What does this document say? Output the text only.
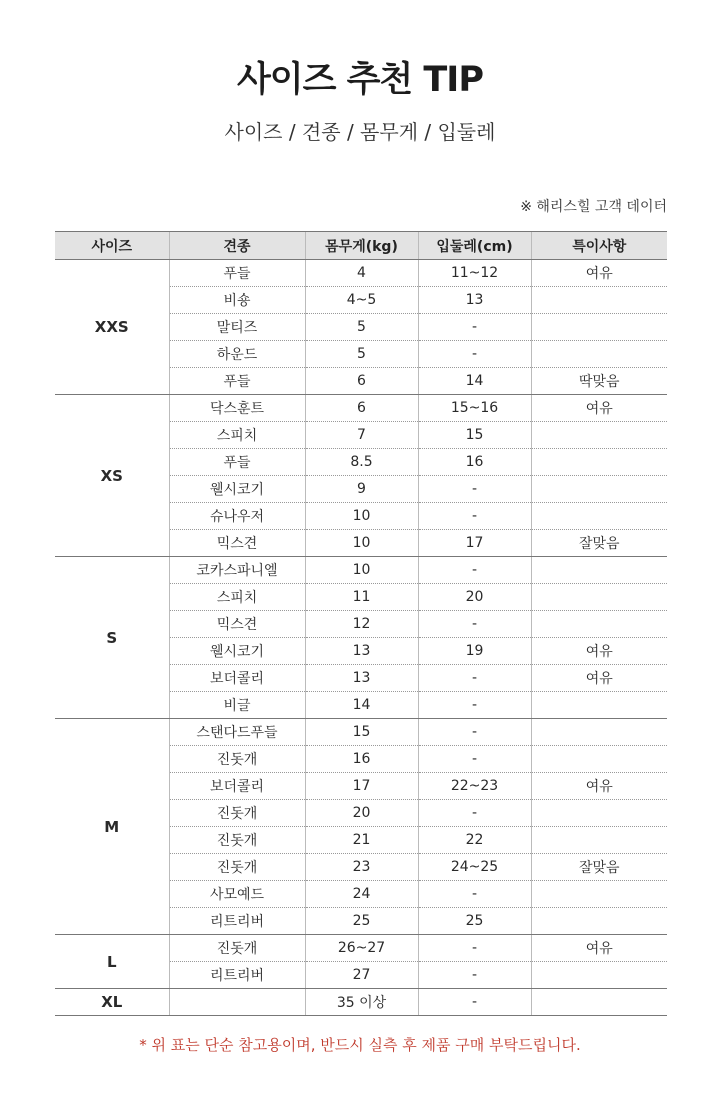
사이즈 추천 TIP
사이즈 / 견종 / 몸무게 / 입둘레
※ 해리스힐 고객 데이터
사이즈	견종	몸무게(kg)	입둘레(cm)	특이사항
XXS	푸들	4	11~12	여유
	비숑	4~5	13	
	말티즈	5	-	
	하운드	5	-	
	푸들	6	14	딱맞음
XS	닥스훈트	6	15~16	여유
	스피치	7	15	
	푸들	8.5	16	
	웰시코기	9	-	
	슈나우저	10	-	
	믹스견	10	17	잘맞음
S	코카스파니엘	10	-	
	스피치	11	20	
	믹스견	12	-	
	웰시코기	13	19	여유
	보더콜리	13	-	여유
	비글	14	-	
M	스탠다드푸들	15	-	
	진돗개	16	-	
	보더콜리	17	22~23	여유
	진돗개	20	-	
	진돗개	21	22	
	진돗개	23	24~25	잘맞음
	사모예드	24	-	
	리트리버	25	25	
L	진돗개	26~27	-	여유
	리트리버	27	-	
XL		35 이상	-	
* 위 표는 단순 참고용이며, 반드시 실측 후 제품 구매 부탁드립니다.
